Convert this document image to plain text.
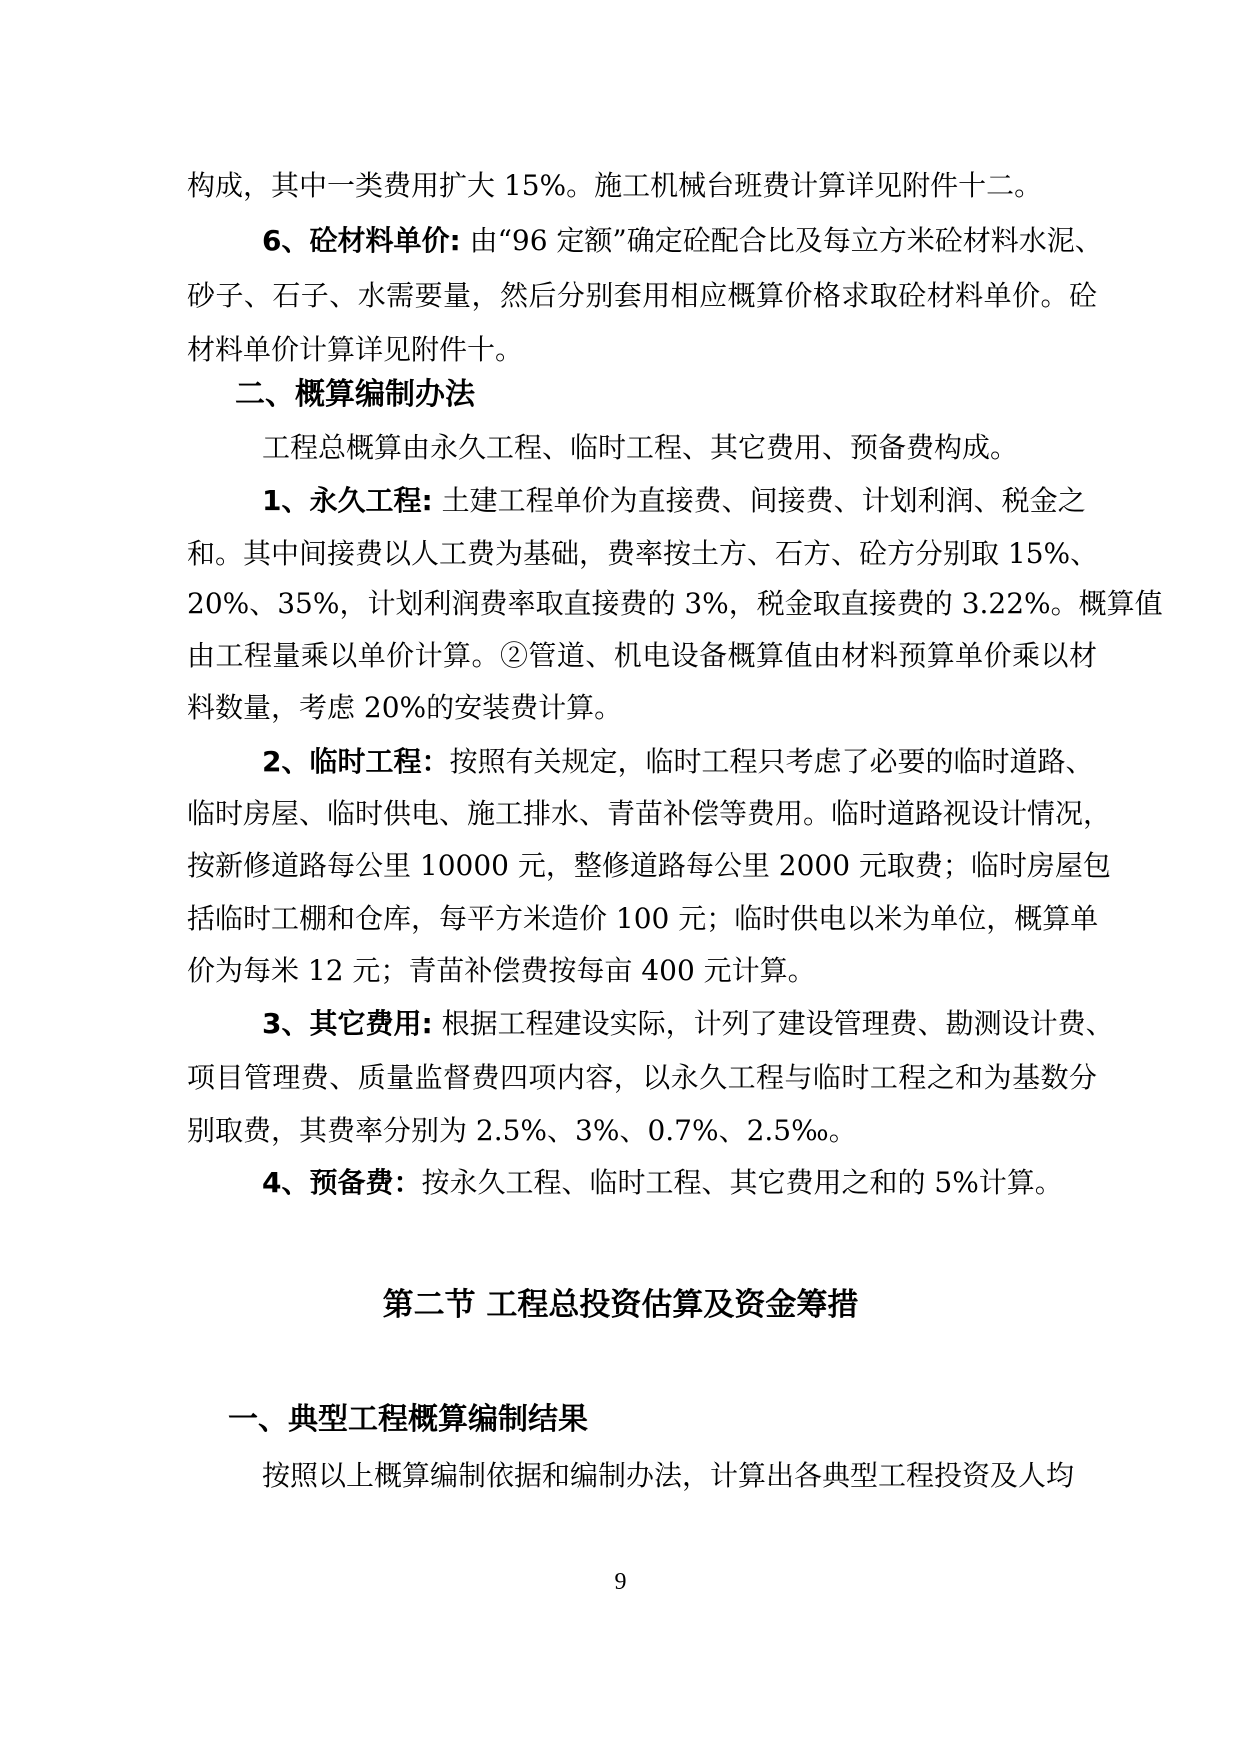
构成，其中一类费用扩大 15%。施工机械台班费计算详见附件十二。

6、砼材料单价: 由“96 定额”确定砼配合比及每立方米砼材料水泥、

砂子、石子、水需要量，然后分别套用相应概算价格求取砼材料单价。砼

材料单价计算详见附件十。

二、概算编制办法

工程总概算由永久工程、临时工程、其它费用、预备费构成。

1、永久工程: 土建工程单价为直接费、间接费、计划利润、税金之

和。其中间接费以人工费为基础，费率按土方、石方、砼方分别取 15%、

20%、35%，计划利润费率取直接费的 3%，税金取直接费的 3.22%。概算值

由工程量乘以单价计算。②管道、机电设备概算值由材料预算单价乘以材

料数量，考虑 20%的安装费计算。

2、临时工程：按照有关规定，临时工程只考虑了必要的临时道路、

临时房屋、临时供电、施工排水、青苗补偿等费用。临时道路视设计情况，

按新修道路每公里 10000 元，整修道路每公里 2000 元取费；临时房屋包

括临时工棚和仓库，每平方米造价 100 元；临时供电以米为单位，概算单

价为每米 12 元；青苗补偿费按每亩 400 元计算。

3、其它费用: 根据工程建设实际，计列了建设管理费、勘测设计费、

项目管理费、质量监督费四项内容，以永久工程与临时工程之和为基数分

别取费，其费率分别为 2.5%、3%、0.7%、2.5‰。

4、预备费：按永久工程、临时工程、其它费用之和的 5%计算。

第二节 工程总投资估算及资金筹措
一、典型工程概算编制结果

按照以上概算编制依据和编制办法，计算出各典型工程投资及人均

9
